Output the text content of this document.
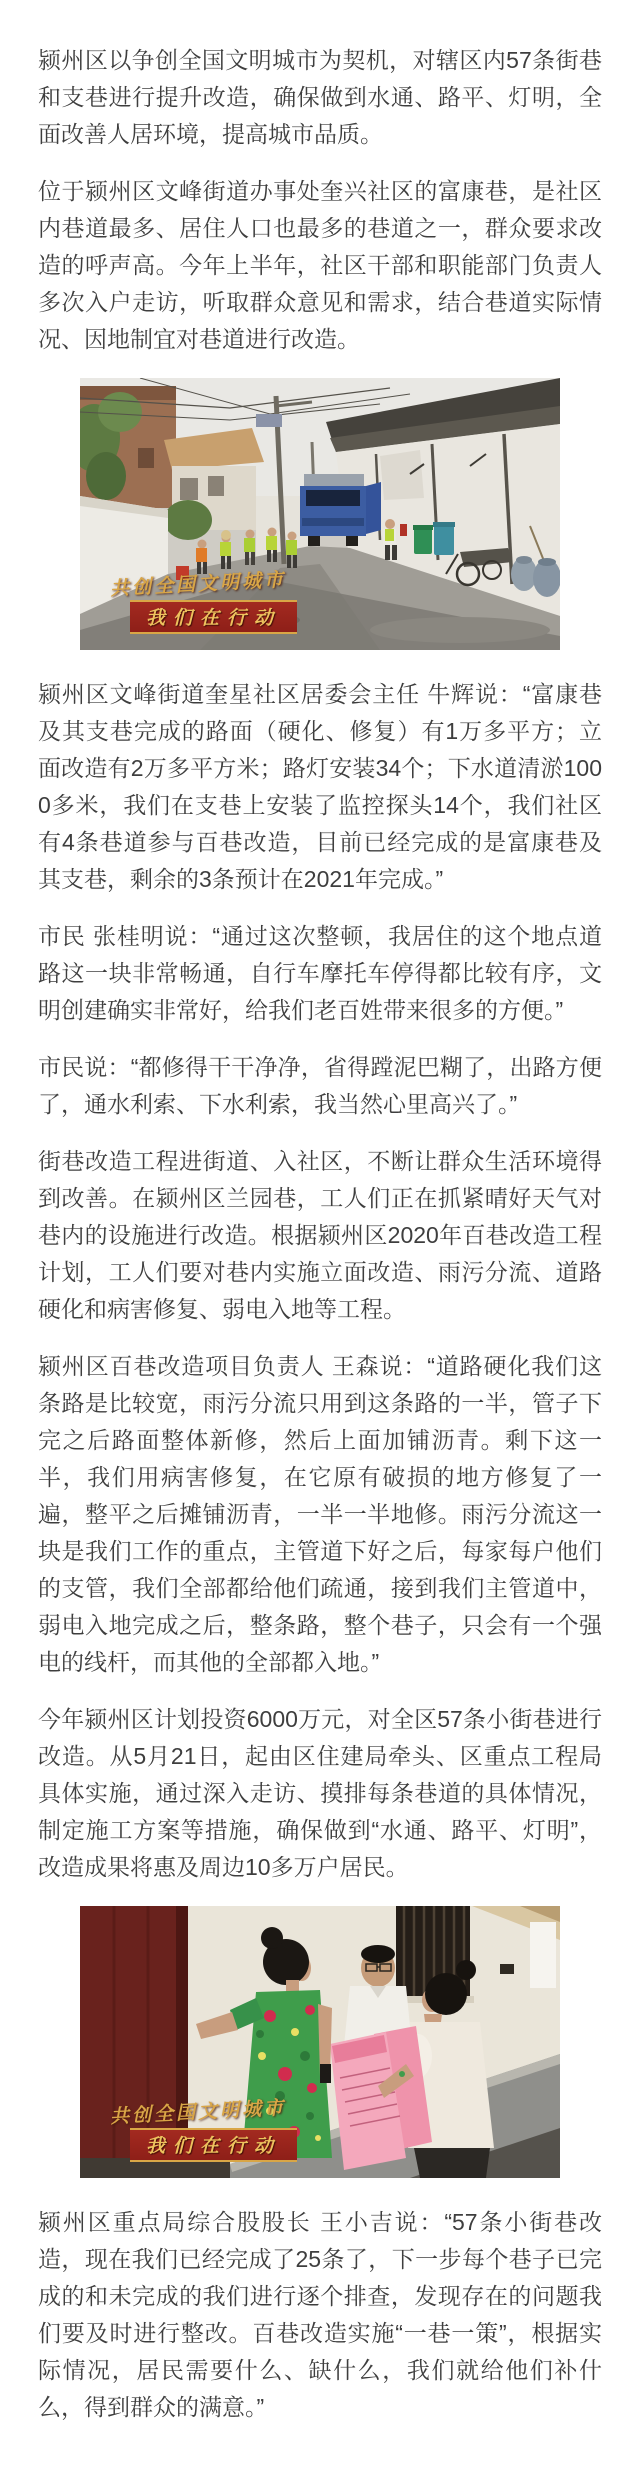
颍州区以争创全国文明城市为契机，对辖区内57条街巷和支巷进行提升改造，确保做到水通、路平、灯明，全面改善人居环境，提高城市品质。

位于颍州区文峰街道办事处奎兴社区的富康巷，是社区内巷道最多、居住人口也最多的巷道之一，群众要求改造的呼声高。今年上半年，社区干部和职能部门负责人多次入户走访，听取群众意见和需求，结合巷道实际情况、因地制宜对巷道进行改造。

共创全国文明城市
我们在行动

颍州区文峰街道奎星社区居委会主任 牛辉说：“富康巷及其支巷完成的路面（硬化、修复）有1万多平方；立面改造有2万多平方米；路灯安装34个；下水道清淤1000多米，我们在支巷上安装了监控探头14个，我们社区有4条巷道参与百巷改造，目前已经完成的是富康巷及其支巷，剩余的3条预计在2021年完成。”

市民 张桂明说：“通过这次整顿，我居住的这个地点道路这一块非常畅通，自行车摩托车停得都比较有序，文明创建确实非常好，给我们老百姓带来很多的方便。”

市民说：“都修得干干净净，省得蹚泥巴糊了，出路方便了，通水利索、下水利索，我当然心里高兴了。”

街巷改造工程进街道、入社区，不断让群众生活环境得到改善。在颍州区兰园巷，工人们正在抓紧晴好天气对巷内的设施进行改造。根据颍州区2020年百巷改造工程计划，工人们要对巷内实施立面改造、雨污分流、道路硬化和病害修复、弱电入地等工程。

颍州区百巷改造项目负责人 王森说：“道路硬化我们这条路是比较宽，雨污分流只用到这条路的一半，管子下完之后路面整体新修，然后上面加铺沥青。剩下这一半，我们用病害修复，在它原有破损的地方修复了一遍，整平之后摊铺沥青，一半一半地修。雨污分流这一块是我们工作的重点，主管道下好之后，每家每户他们的支管，我们全部都给他们疏通，接到我们主管道中，弱电入地完成之后，整条路，整个巷子，只会有一个强电的线杆，而其他的全部都入地。”

今年颍州区计划投资6000万元，对全区57条小街巷进行改造。从5月21日，起由区住建局牵头、区重点工程局具体实施，通过深入走访、摸排每条巷道的具体情况，制定施工方案等措施，确保做到“水通、路平、灯明”，改造成果将惠及周边10多万户居民。

共创全国文明城市
我们在行动

颍州区重点局综合股股长 王小吉说：“57条小街巷改造，现在我们已经完成了25条了，下一步每个巷子已完成的和未完成的我们进行逐个排查，发现存在的问题我们要及时进行整改。百巷改造实施“一巷一策”，根据实际情况，居民需要什么、缺什么，我们就给他们补什么，得到群众的满意。”
